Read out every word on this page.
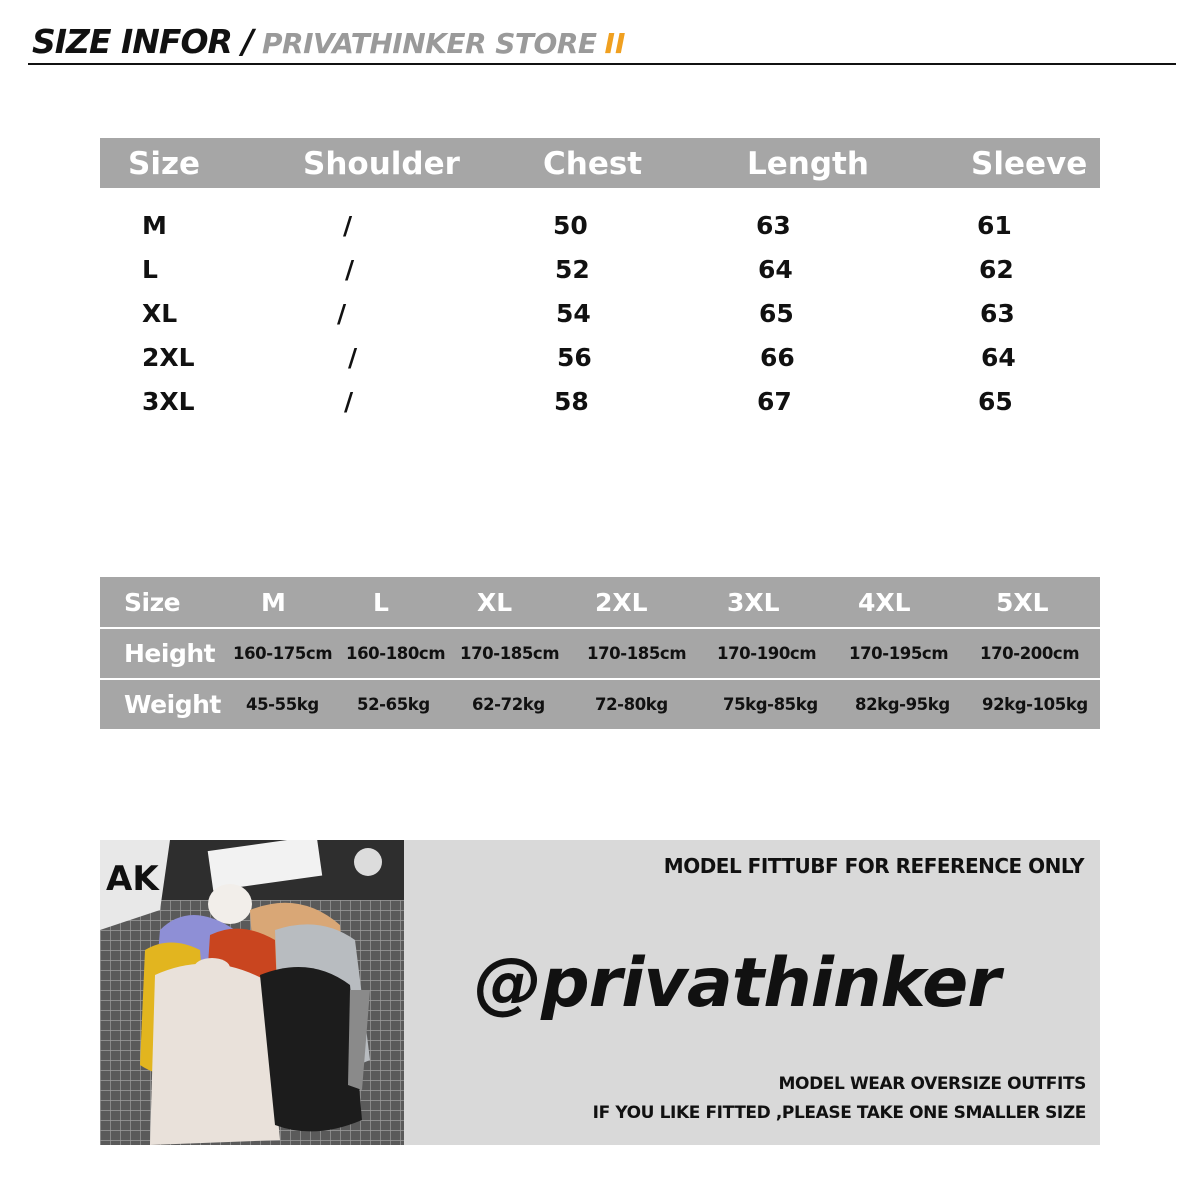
SIZE INFOR / PRIVATHINKER STORE II
Size	Shoulder	Chest	Length	Sleeve
M	/	50	63	61
L	/	52	64	62
XL	/	54	65	63
2XL	/	56	66	64
3XL	/	58	67	65
Size	M	L	XL	2XL	3XL	4XL	5XL
Height 160-175cm 160-180cm 170-185cm 170-185cm 170-190cm 170-195cm 170-200cm
Weight 45-55kg 52-65kg	62-72kg	72-80kg	75kg-85kg 82kg-95kg 92kg-105kg
AK	MODEL FITTUBF FOR REFERENCE ONLY
@privathinker
MODEL WEAR OVERSIZE OUTFITS
IF YOU LIKE FITTED ,PLEASE TAKE ONE SMALLER SIZE
